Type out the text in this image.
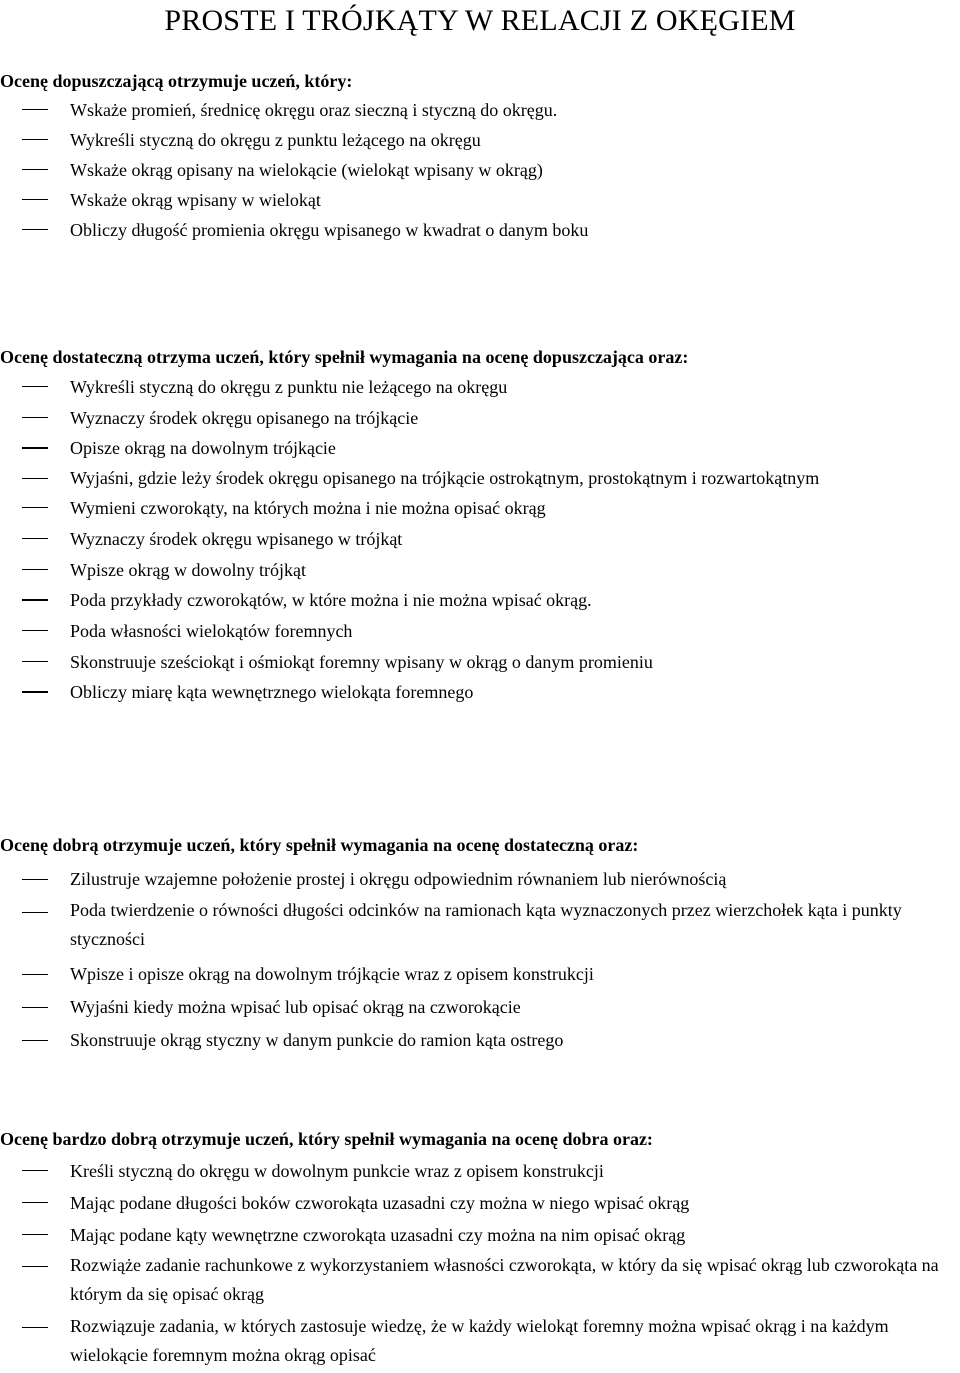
PROSTE I TRÓJKĄTY W RELACJI Z OKĘGIEM

Ocenę dopuszczającą otrzymuje uczeń, który:

Wskaże promień, średnicę okręgu oraz sieczną i styczną do okręgu.
Wykreśli styczną do okręgu z punktu leżącego na okręgu
Wskaże okrąg opisany na wielokącie (wielokąt wpisany w okrąg)
Wskaże okrąg wpisany w wielokąt
Obliczy długość promienia okręgu wpisanego w kwadrat o danym boku

Ocenę dostateczną otrzyma uczeń, który spełnił wymagania na ocenę dopuszczająca oraz:

Wykreśli styczną do okręgu z punktu nie leżącego na okręgu
Wyznaczy środek okręgu opisanego na trójkącie
Opisze okrąg na dowolnym trójkącie
Wyjaśni, gdzie leży środek okręgu opisanego na trójkącie ostrokątnym, prostokątnym i rozwartokątnym
Wymieni czworokąty, na których można i nie można opisać okrąg
Wyznaczy środek okręgu wpisanego w trójkąt
Wpisze okrąg w dowolny trójkąt
Poda przykłady czworokątów, w które można i nie można wpisać okrąg.
Poda własności wielokątów foremnych
Skonstruuje sześciokąt i ośmiokąt foremny wpisany w okrąg o danym promieniu
Obliczy miarę kąta wewnętrznego wielokąta foremnego

Ocenę dobrą otrzymuje uczeń, który spełnił wymagania na ocenę dostateczną oraz:

Zilustruje wzajemne położenie prostej i okręgu odpowiednim równaniem lub nierównością
Poda twierdzenie o równości długości odcinków na ramionach kąta wyznaczonych przez wierzchołek kąta i punkty styczności
Wpisze i opisze okrąg na dowolnym trójkącie wraz z opisem konstrukcji
Wyjaśni kiedy można wpisać lub opisać okrąg na czworokącie
Skonstruuje okrąg styczny w danym punkcie do ramion kąta ostrego

Ocenę bardzo dobrą otrzymuje uczeń, który spełnił wymagania na ocenę dobra oraz:

Kreśli styczną do okręgu w dowolnym punkcie wraz z opisem konstrukcji
Mając podane długości boków czworokąta uzasadni czy można w niego wpisać okrąg
Mając podane kąty wewnętrzne czworokąta uzasadni czy można na nim opisać okrąg
Rozwiąże zadanie rachunkowe z wykorzystaniem własności czworokąta, w który da się wpisać okrąg lub czworokąta na którym da się opisać okrąg
Rozwiązuje zadania, w których zastosuje wiedzę, że w każdy wielokąt foremny można wpisać okrąg i na każdym wielokącie foremnym można okrąg opisać
